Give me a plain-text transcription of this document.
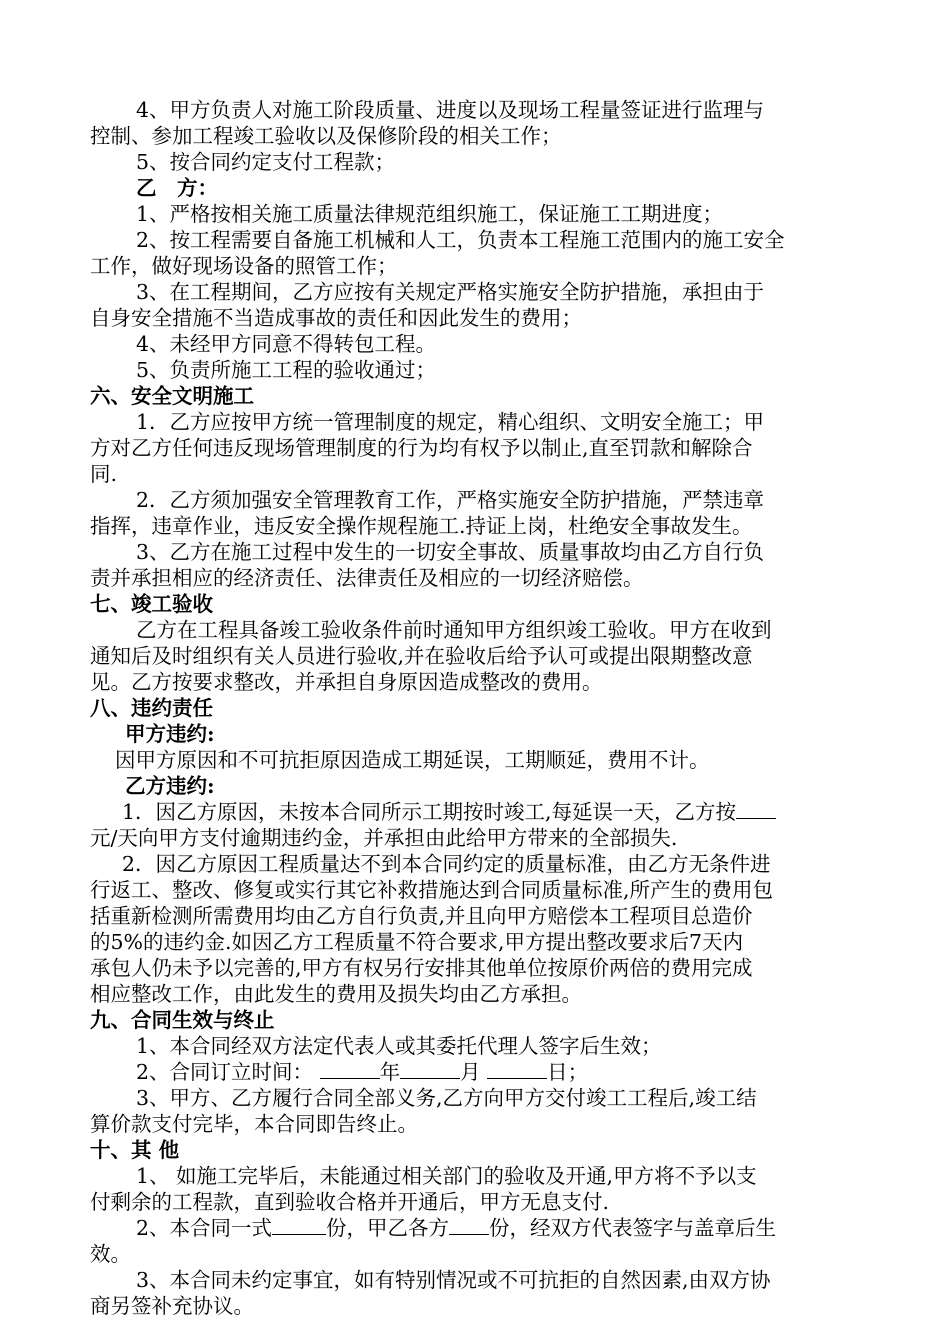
4、甲方负责人对施工阶段质量、进度以及现场工程量签证进行监理与
控制、参加工程竣工验收以及保修阶段的相关工作；
5、按合同约定支付工程款；
乙　方：
1、严格按相关施工质量法律规范组织施工，保证施工工期进度；
2、按工程需要自备施工机械和人工，负责本工程施工范围内的施工安全
工作，做好现场设备的照管工作；
3、在工程期间，乙方应按有关规定严格实施安全防护措施，承担由于
自身安全措施不当造成事故的责任和因此发生的费用；
4、未经甲方同意不得转包工程。
5、负责所施工工程的验收通过；
六、安全文明施工
1．乙方应按甲方统一管理制度的规定，精心组织、文明安全施工；甲
方对乙方任何违反现场管理制度的行为均有权予以制止,直至罚款和解除合
同.
2．乙方须加强安全管理教育工作，严格实施安全防护措施，严禁违章
指挥，违章作业，违反安全操作规程施工.持证上岗，杜绝安全事故发生。
3、乙方在施工过程中发生的一切安全事故、质量事故均由乙方自行负
责并承担相应的经济责任、法律责任及相应的一切经济赔偿。
七、竣工验收
乙方在工程具备竣工验收条件前时通知甲方组织竣工验收。甲方在收到
通知后及时组织有关人员进行验收,并在验收后给予认可或提出限期整改意
见。乙方按要求整改，并承担自身原因造成整改的费用。
八、违约责任
甲方违约:
因甲方原因和不可抗拒原因造成工期延误，工期顺延，费用不计。
乙方违约:
1．因乙方原因，未按本合同所示工期按时竣工,每延误一天，乙方按
元/天向甲方支付逾期违约金，并承担由此给甲方带来的全部损失.
2．因乙方原因工程质量达不到本合同约定的质量标准，由乙方无条件进
行返工、整改、修复或实行其它补救措施达到合同质量标准,所产生的费用包
括重新检测所需费用均由乙方自行负责,并且向甲方赔偿本工程项目总造价
的5%的违约金.如因乙方工程质量不符合要求,甲方提出整改要求后7天内
承包人仍未予以完善的,甲方有权另行安排其他单位按原价两倍的费用完成
相应整改工作，由此发生的费用及损失均由乙方承担。
九、合同生效与终止
1、本合同经双方法定代表人或其委托代理人签字后生效；
2、合同订立时间：	年	月	日；
3、甲方、乙方履行合同全部义务,乙方向甲方交付竣工工程后,竣工结
算价款支付完毕，本合同即告终止。
十、其 他
1、 如施工完毕后，未能通过相关部门的验收及开通,甲方将不予以支
付剩余的工程款，直到验收合格并开通后，甲方无息支付.
2、本合同一式	份，甲乙各方 份，经双方代表签字与盖章后生
效。
3、本合同未约定事宜，如有特别情况或不可抗拒的自然因素,由双方协
商另签补充协议。
